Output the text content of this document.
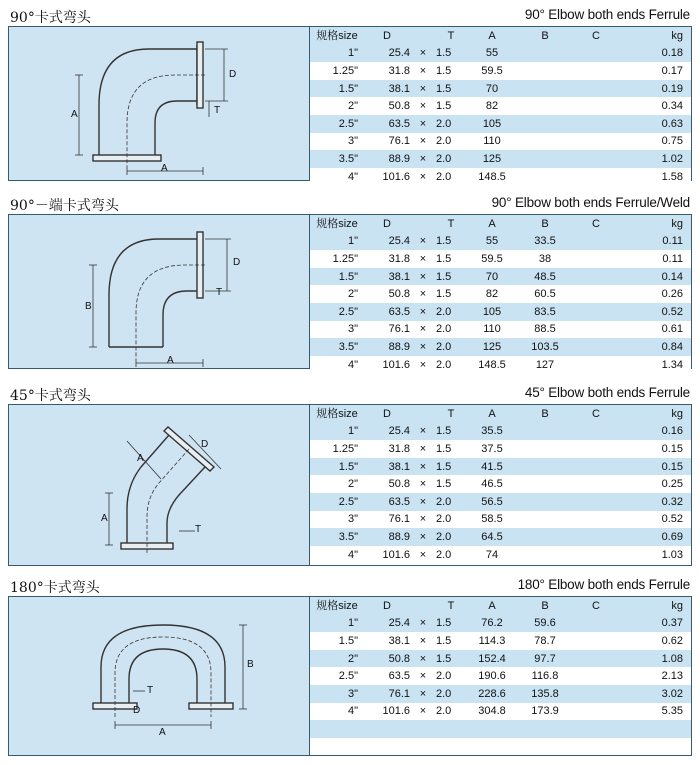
90°卡式弯头	90° Elbow both ends Ferrule
A
A
D
T
规格size	D		T	A	B	C	kg
1"	25.4	×	1.5	55			0.18
1.25"	31.8	×	1.5	59.5			0.17
1.5"	38.1	×	1.5	70			0.19
2"	50.8	×	1.5	82			0.34
2.5"	63.5	×	2.0	105			0.63
3"	76.1	×	2.0	110			0.75
3.5"	88.9	×	2.0	125			1.02
4"	101.6	×	2.0	148.5			1.58
90°－端卡式弯头	90° Elbow both ends Ferrule/Weld
B
A
D
T
规格size	D		T	A	B	C	kg
1"	25.4	×	1.5	55	33.5		0.11
1.25"	31.8	×	1.5	59.5	38		0.11
1.5"	38.1	×	1.5	70	48.5		0.14
2"	50.8	×	1.5	82	60.5		0.26
2.5"	63.5	×	2.0	105	83.5		0.52
3"	76.1	×	2.0	110	88.5		0.61
3.5"	88.9	×	2.0	125	103.5		0.84
4"	101.6	×	2.0	148.5	127		1.34
45°卡式弯头	45° Elbow both ends Ferrule
A
A
D
T
规格size	D		T	A	B	C	kg
1"	25.4	×	1.5	35.5			0.16
1.25"	31.8	×	1.5	37.5			0.15
1.5"	38.1	×	1.5	41.5			0.15
2"	50.8	×	1.5	46.5			0.25
2.5"	63.5	×	2.0	56.5			0.32
3"	76.1	×	2.0	58.5			0.52
3.5"	88.9	×	2.0	64.5			0.69
4"	101.6	×	2.0	74			1.03
180°卡式弯头	180° Elbow both ends Ferrule
B
A
D
T
规格size	D		T	A	B	C	kg
1"	25.4	×	1.5	76.2	59.6		0.37
1.5"	38.1	×	1.5	114.3	78.7		0.62
2"	50.8	×	1.5	152.4	97.7		1.08
2.5"	63.5	×	2.0	190.6	116.8		2.13
3"	76.1	×	2.0	228.6	135.8		3.02
4"	101.6	×	2.0	304.8	173.9		5.35
